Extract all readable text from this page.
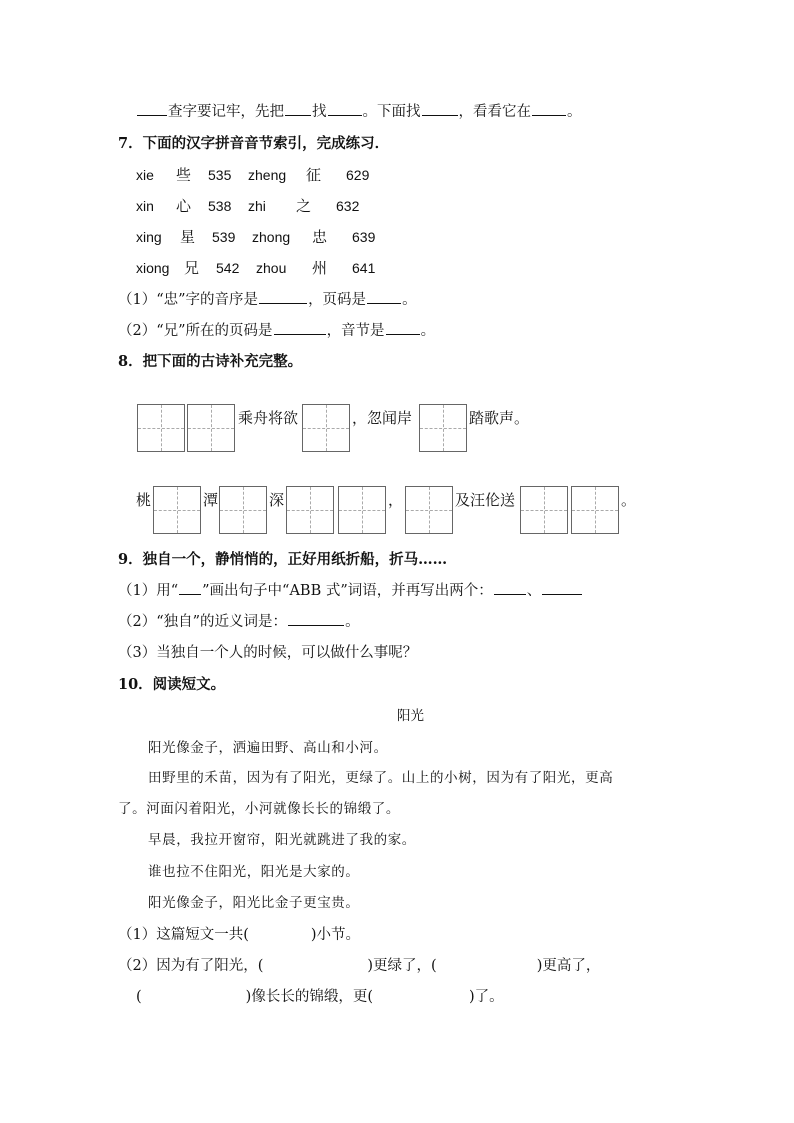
查字要记牢，先把 找 。下面找	，看看它在 。
7．下面的汉字拼音音节索引，完成练习．
xie 些 535 zheng 征 629
xin 心 538 zhi 之 632
xing 星 539 zhong 忠 639
xiong 兄 542 zhou 州 641
（1）“忠”字的音序是	，页码是 。
（2）“兄”所在的页码是	，音节是 。
8．把下面的古诗补充完整。
乘舟将欲	，忽闻岸	踏歌声。
桃	潭	深	，	及汪伦送	。
9．独自一个，静悄悄的，正好用纸折船，折马……
（1）用“ ”画出句子中“ABB 式”词语，并再写出两个： 、
（2）“独自”的近义词是：	。
（3）当独自一个人的时候，可以做什么事呢？
10．阅读短文。
阳光
阳光像金子，洒遍田野、高山和小河。
田野里的禾苗，因为有了阳光，更绿了。山上的小树，因为有了阳光，更高
了。河面闪着阳光，小河就像长长的锦缎了。
早晨，我拉开窗帘，阳光就跳进了我的家。
谁也拉不住阳光，阳光是大家的。
阳光像金子，阳光比金子更宝贵。
（1）这篇短文一共(	)小节。
（2）因为有了阳光，(	)更绿了，(	)更高了，
(	)像长长的锦缎，更(	)了。
